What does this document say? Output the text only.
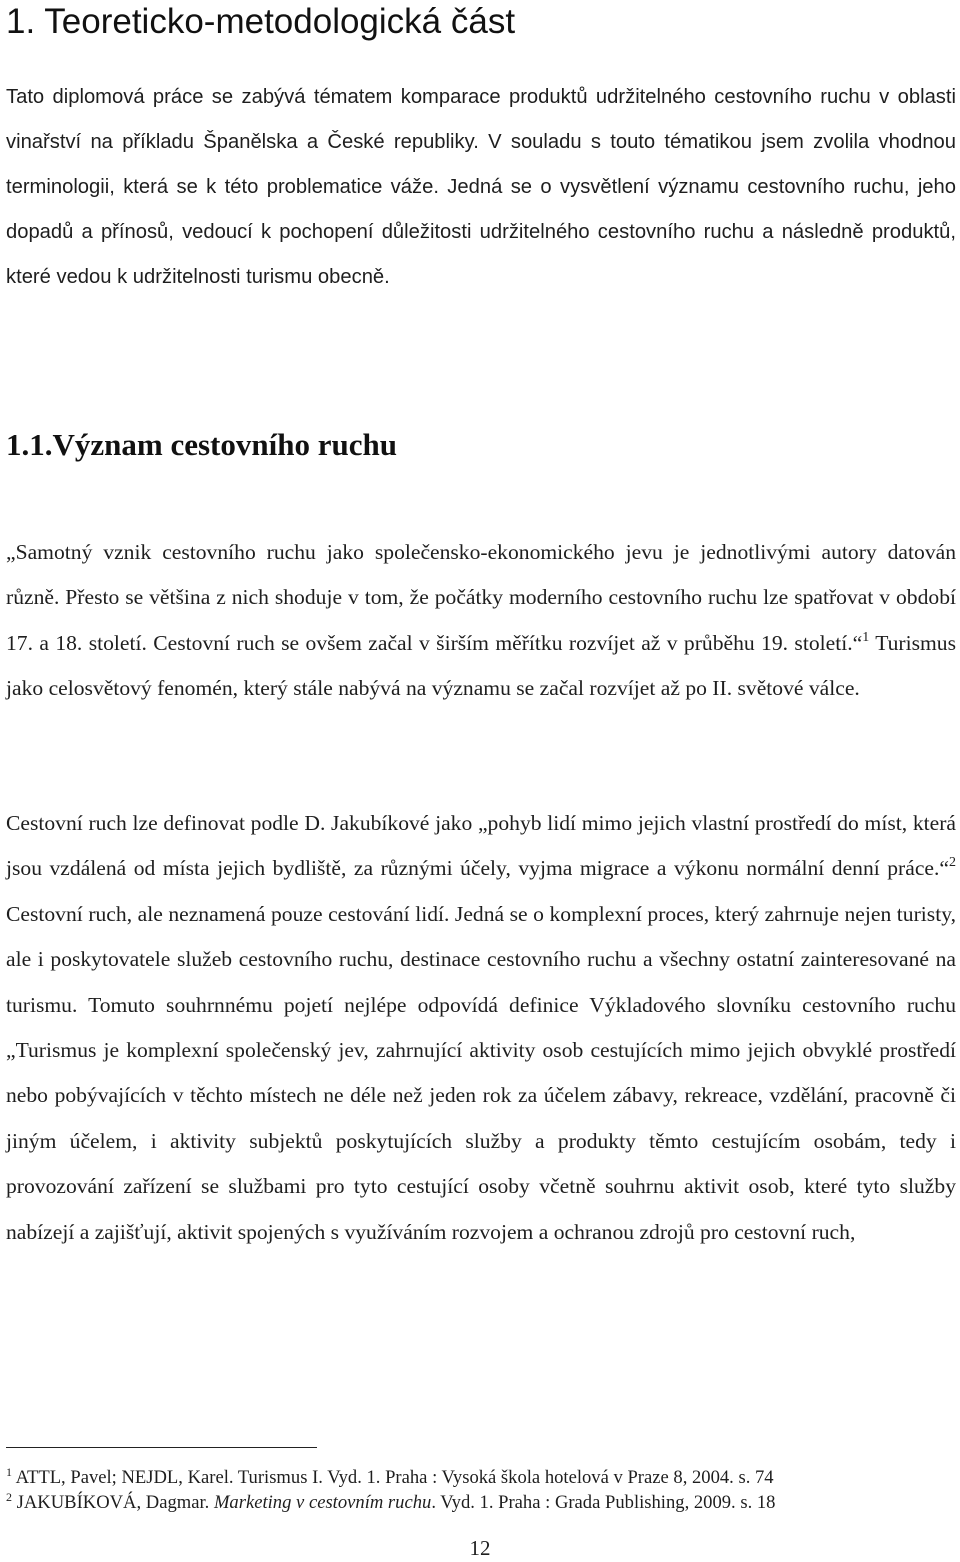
1. Teoreticko-metodologická část

Tato diplomová práce se zabývá tématem komparace produktů udržitelného cestovního ruchu v oblasti vinařství na příkladu Španělska a České republiky. V souladu s touto tématikou jsem zvolila vhodnou terminologii, která se k této problematice váže. Jedná se o vysvětlení významu cestovního ruchu, jeho dopadů a přínosů, vedoucí k pochopení důležitosti udržitelného cestovního ruchu a následně produktů, které vedou k udržitelnosti turismu obecně.

1.1.Význam cestovního ruchu

„Samotný vznik cestovního ruchu jako společensko-ekonomického jevu je jednotlivými autory datován různě. Přesto se většina z nich shoduje v tom, že počátky moderního cestovního ruchu lze spatřovat v období 17. a 18. století. Cestovní ruch se ovšem začal v širším měřítku rozvíjet až v průběhu 19. století.“$^1$ Turismus jako celosvětový fenomén, který stále nabývá na významu se začal rozvíjet až po II. světové válce.

Cestovní ruch lze definovat podle D. Jakubíkové jako „pohyb lidí mimo jejich vlastní prostředí do míst, která jsou vzdálená od místa jejich bydliště, za různými účely, vyjma migrace a výkonu normální denní práce.“$^2$ Cestovní ruch, ale neznamená pouze cestování lidí. Jedná se o komplexní proces, který zahrnuje nejen turisty, ale i poskytovatele služeb cestovního ruchu, destinace cestovního ruchu a všechny ostatní zainteresované na turismu. Tomuto souhrnnému pojetí nejlépe odpovídá definice Výkladového slovníku cestovního ruchu „Turismus je komplexní společenský jev, zahrnující aktivity osob cestujících mimo jejich obvyklé prostředí nebo pobývajících v těchto místech ne déle než jeden rok za účelem zábavy, rekreace, vzdělání, pracovně či jiným účelem, i aktivity subjektů poskytujících služby a produkty těmto cestujícím osobám, tedy i provozování zařízení se službami pro tyto cestující osoby včetně souhrnu aktivit osob, které tyto služby nabízejí a zajišťují, aktivit spojených s využíváním rozvojem a ochranou zdrojů pro cestovní ruch,

$^1$ ATTL, Pavel; NEJDL, Karel. Turismus I. Vyd. 1. Praha : Vysoká škola hotelová v Praze 8, 2004. s. 74
$^2$ JAKUBÍKOVÁ, Dagmar. Marketing v cestovním ruchu. Vyd. 1. Praha : Grada Publishing, 2009. s. 18
12
